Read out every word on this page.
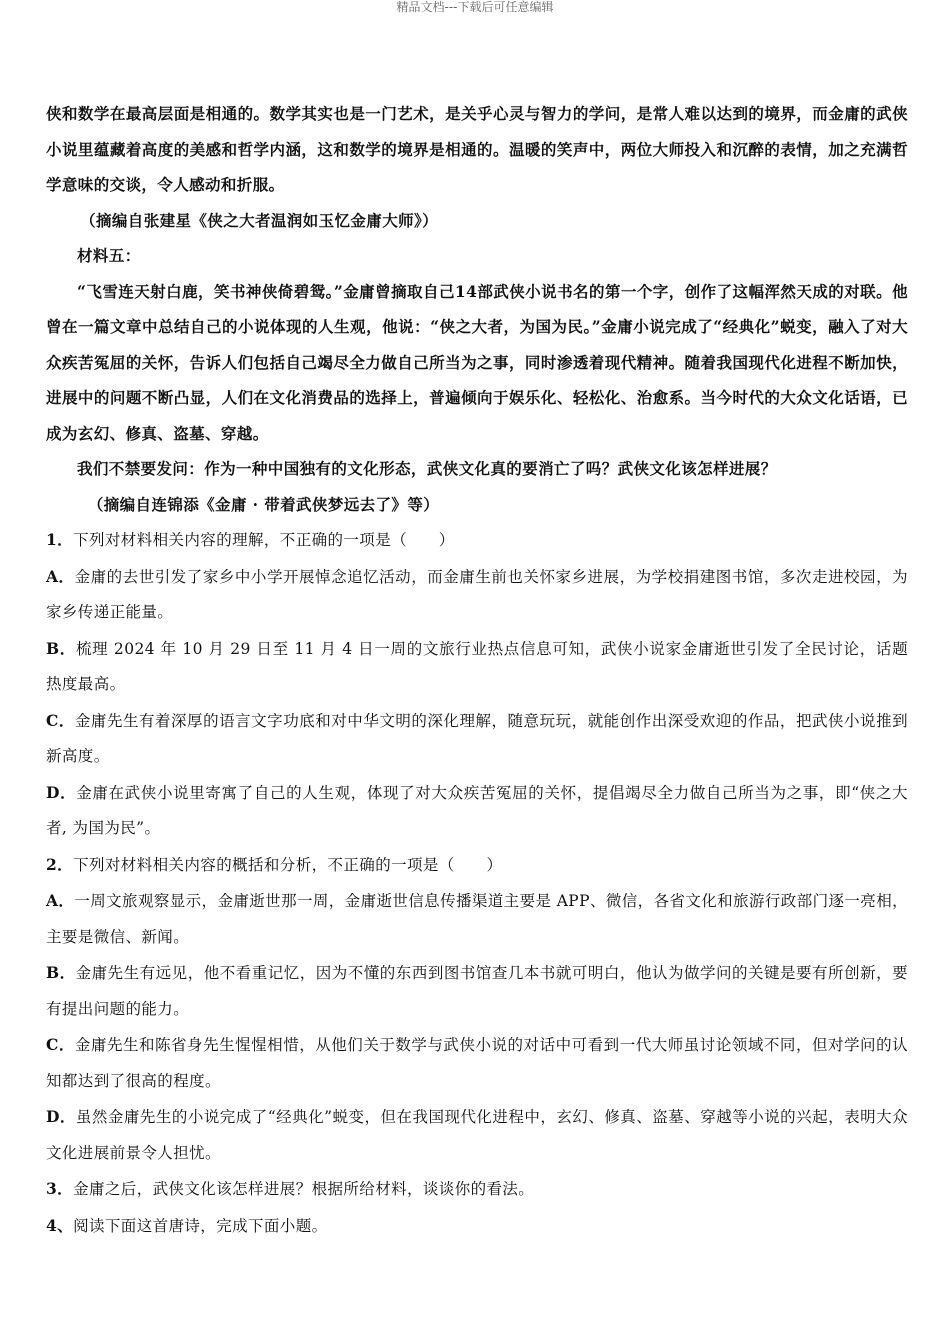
精品文档---下载后可任意编辑

侠和数学在最高层面是相通的。数学其实也是一门艺术，是关乎心灵与智力的学问，是常人难以达到的境界，而金庸的武侠小说里蕴藏着高度的美感和哲学内涵，这和数学的境界是相通的。温暖的笑声中，两位大师投入和沉醉的表情，加之充满哲学意味的交谈，令人感动和折服。

（摘编自张建星《侠之大者温润如玉忆金庸大师》）

材料五：

“飞雪连天射白鹿，笑书神侠倚碧鸳。”金庸曾摘取自己14部武侠小说书名的第一个字，创作了这幅浑然天成的对联。他曾在一篇文章中总结自己的小说体现的人生观，他说：“侠之大者，为国为民。”金庸小说完成了“经典化”蜕变，融入了对大众疾苦冤屈的关怀，告诉人们包括自己竭尽全力做自己所当为之事，同时渗透着现代精神。随着我国现代化进程不断加快，进展中的问题不断凸显，人们在文化消费品的选择上，普遍倾向于娱乐化、轻松化、治愈系。当今时代的大众文化话语，已成为玄幻、修真、盗墓、穿越。

我们不禁要发问：作为一种中国独有的文化形态，武侠文化真的要消亡了吗？武侠文化该怎样进展？

（摘编自连锦添《金庸 · 带着武侠梦远去了》等）

1．下列对材料相关内容的理解，不正确的一项是（　　）

A．金庸的去世引发了家乡中小学开展悼念追忆活动，而金庸生前也关怀家乡进展，为学校捐建图书馆，多次走进校园，为家乡传递正能量。

B．梳理 2024 年 10 月 29 日至 11 月 4 日一周的文旅行业热点信息可知，武侠小说家金庸逝世引发了全民讨论，话题热度最高。

C．金庸先生有着深厚的语言文字功底和对中华文明的深化理解，随意玩玩，就能创作出深受欢迎的作品，把武侠小说推到新高度。

D．金庸在武侠小说里寄寓了自己的人生观，体现了对大众疾苦冤屈的关怀，提倡竭尽全力做自己所当为之事，即“侠之大者, 为国为民”。

2．下列对材料相关内容的概括和分析，不正确的一项是（　　）

A．一周文旅观察显示，金庸逝世那一周，金庸逝世信息传播渠道主要是 APP、微信，各省文化和旅游行政部门逐一亮相，主要是微信、新闻。

B．金庸先生有远见，他不看重记忆，因为不懂的东西到图书馆查几本书就可明白，他认为做学问的关键是要有所创新，要有提出问题的能力。

C．金庸先生和陈省身先生惺惺相惜，从他们关于数学与武侠小说的对话中可看到一代大师虽讨论领域不同，但对学问的认知都达到了很高的程度。

D．虽然金庸先生的小说完成了“经典化”蜕变，但在我国现代化进程中，玄幻、修真、盗墓、穿越等小说的兴起，表明大众文化进展前景令人担忧。

3．金庸之后，武侠文化该怎样进展？根据所给材料，谈谈你的看法。

4、阅读下面这首唐诗，完成下面小题。
